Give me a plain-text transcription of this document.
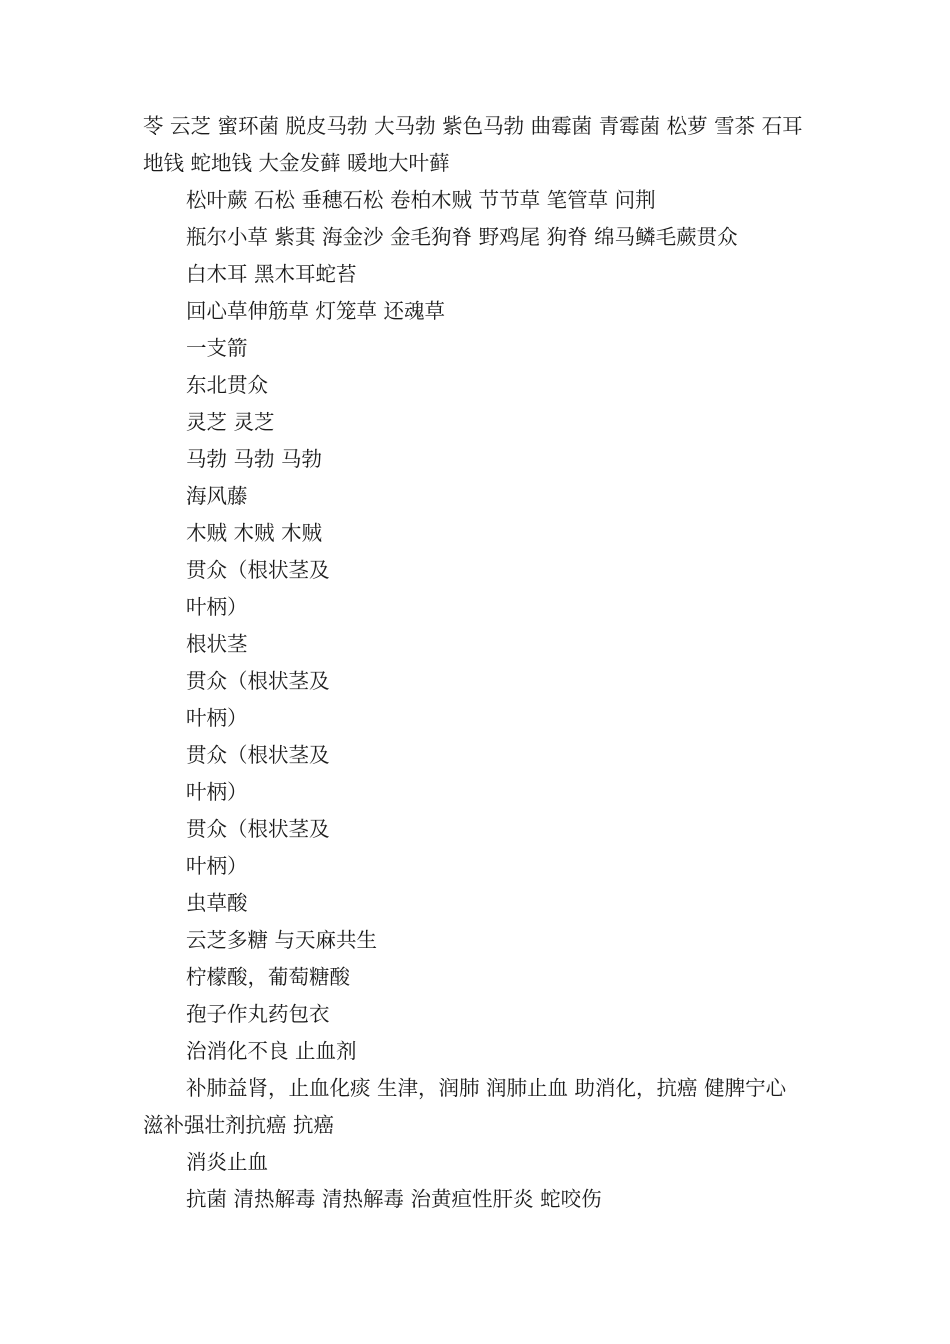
苓 云芝 蜜环菌 脱皮马勃 大马勃 紫色马勃 曲霉菌 青霉菌 松萝 雪茶 石耳 地钱 蛇地钱 大金发藓 暖地大叶藓

松叶蕨 石松 垂穗石松 卷柏木贼 节节草 笔管草 问荆

瓶尔小草 紫萁 海金沙 金毛狗脊 野鸡尾 狗脊 绵马鳞毛蕨贯众

白木耳 黑木耳蛇苔

回心草伸筋草 灯笼草 还魂草

一支箭

东北贯众

灵芝 灵芝

马勃 马勃 马勃

海风藤

木贼 木贼 木贼

贯众（根状茎及

叶柄）

根状茎

贯众（根状茎及

叶柄）

贯众（根状茎及

叶柄）

贯众（根状茎及

叶柄）

虫草酸

云芝多糖 与天麻共生

柠檬酸，葡萄糖酸

孢子作丸药包衣

治消化不良 止血剂

补肺益肾，止血化痰 生津，润肺 润肺止血 助消化，抗癌 健脾宁心 滋补强壮剂抗癌 抗癌

消炎止血

抗菌 清热解毒 清热解毒 治黄疸性肝炎 蛇咬伤
